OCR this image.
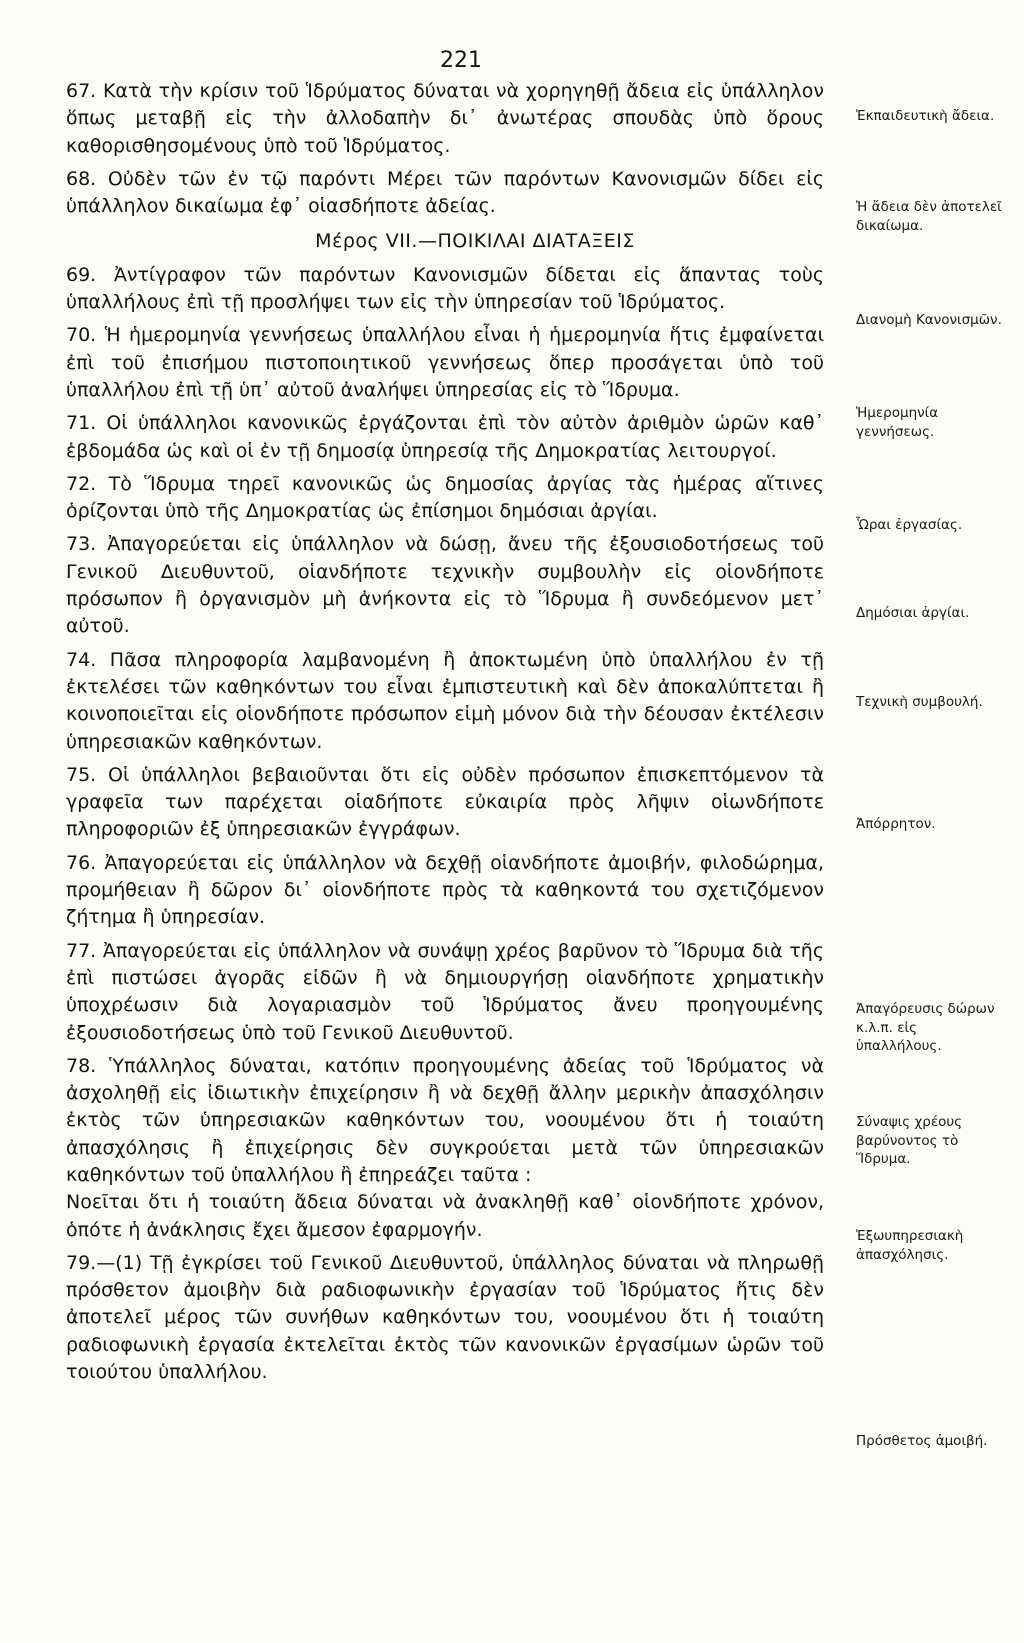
221

67. Κατὰ τὴν κρίσιν τοῦ Ἱδρύματος δύναται νὰ χορηγηθῇ ἄδεια εἰς ὑπάλληλον ὅπως μεταβῇ εἰς τὴν ἀλλοδαπὴν δι᾽ ἀνωτέρας σπουδὰς ὑπὸ ὅρους καθορισθησομένους ὑπὸ τοῦ Ἱδρύματος.

68. Οὐδὲν τῶν ἐν τῷ παρόντι Μέρει τῶν παρόντων Κανονισμῶν δίδει εἰς ὑπάλληλον δικαίωμα ἐφ᾽ οἱασδήποτε ἀδείας.

Μέρος VII.—ΠΟΙΚΙΛΑΙ ΔΙΑΤΑΞΕΙΣ

69. Ἀντίγραφον τῶν παρόντων Κανονισμῶν δίδεται εἰς ἅπαντας τοὺς ὑπαλλήλους ἐπὶ τῇ προσλήψει των εἰς τὴν ὑπηρεσίαν τοῦ Ἱδρύματος.

70. Ἡ ἡμερομηνία γεννήσεως ὑπαλλήλου εἶναι ἡ ἡμερομηνία ἥτις ἐμφαίνεται ἐπὶ τοῦ ἐπισήμου πιστοποιητικοῦ γεννήσεως ὅπερ προσάγεται ὑπὸ τοῦ ὑπαλλήλου ἐπὶ τῇ ὑπ᾽ αὐτοῦ ἀναλήψει ὑπηρεσίας εἰς τὸ Ἵδρυμα.

71. Οἱ ὑπάλληλοι κανονικῶς ἐργάζονται ἐπὶ τὸν αὐτὸν ἀριθμὸν ὡρῶν καθ᾽ ἑβδομάδα ὡς καὶ οἱ ἐν τῇ δημοσίᾳ ὑπηρεσίᾳ τῆς Δημοκρατίας λειτουργοί.

72. Τὸ Ἵδρυμα τηρεῖ κανονικῶς ὡς δημοσίας ἀργίας τὰς ἡμέρας αἵτινες ὁρίζονται ὑπὸ τῆς Δημοκρατίας ὡς ἐπίσημοι δημόσιαι ἀργίαι.

73. Ἀπαγορεύεται εἰς ὑπάλληλον νὰ δώσῃ, ἄνευ τῆς ἐξουσιοδοτήσεως τοῦ Γενικοῦ Διευθυντοῦ, οἱανδήποτε τεχνικὴν συμβουλὴν εἰς οἱονδήποτε πρόσωπον ἢ ὀργανισμὸν μὴ ἀνήκοντα εἰς τὸ Ἵδρυμα ἢ συνδεόμενον μετ᾽ αὐτοῦ.

74. Πᾶσα πληροφορία λαμβανομένη ἢ ἀποκτωμένη ὑπὸ ὑπαλλήλου ἐν τῇ ἐκτελέσει τῶν καθηκόντων του εἶναι ἐμπιστευτικὴ καὶ δὲν ἀποκαλύπτεται ἢ κοινοποιεῖται εἰς οἱονδήποτε πρόσωπον εἰμὴ μόνον διὰ τὴν δέουσαν ἐκτέλεσιν ὑπηρεσιακῶν καθηκόντων.

75. Οἱ ὑπάλληλοι βεβαιοῦνται ὅτι εἰς οὐδὲν πρόσωπον ἐπισκεπτόμενον τὰ γραφεῖα των παρέχεται οἱαδήποτε εὐκαιρία πρὸς λῆψιν οἱωνδήποτε πληροφοριῶν ἐξ ὑπηρεσιακῶν ἐγγράφων.

76. Ἀπαγορεύεται εἰς ὑπάλληλον νὰ δεχθῇ οἱανδήποτε ἀμοιβήν, φιλοδώρημα, προμήθειαν ἢ δῶρον δι᾽ οἱονδήποτε πρὸς τὰ καθηκοντά του σχετιζόμενον ζήτημα ἢ ὑπηρεσίαν.

77. Ἀπαγορεύεται εἰς ὑπάλληλον νὰ συνάψῃ χρέος βαρῦνον τὸ Ἵδρυμα διὰ τῆς ἐπὶ πιστώσει ἀγορᾶς εἰδῶν ἢ νὰ δημιουργήσῃ οἱανδήποτε χρηματικὴν ὑποχρέωσιν διὰ λογαριασμὸν τοῦ Ἱδρύματος ἄνευ προηγουμένης ἐξουσιοδοτήσεως ὑπὸ τοῦ Γενικοῦ Διευθυντοῦ.

78. Ὑπάλληλος δύναται, κατόπιν προηγουμένης ἀδείας τοῦ Ἱδρύματος νὰ ἀσχοληθῇ εἰς ἰδιωτικὴν ἐπιχείρησιν ἢ νὰ δεχθῇ ἄλλην μερικὴν ἀπασχόλησιν ἐκτὸς τῶν ὑπηρεσιακῶν καθηκόντων του, νοουμένου ὅτι ἡ τοιαύτη ἀπασχόλησις ἢ ἐπιχείρησις δὲν συγκρούεται μετὰ τῶν ὑπηρεσιακῶν καθηκόντων τοῦ ὑπαλλήλου ἢ ἐπηρεάζει ταῦτα :

Νοεῖται ὅτι ἡ τοιαύτη ἄδεια δύναται νὰ ἀνακληθῇ καθ᾽ οἱονδήποτε χρόνον, ὁπότε ἡ ἀνάκλησις ἔχει ἄμεσον ἐφαρμογήν.

79.—(1) Τῇ ἐγκρίσει τοῦ Γενικοῦ Διευθυντοῦ, ὑπάλληλος δύναται νὰ πληρωθῇ πρόσθετον ἀμοιβὴν διὰ ραδιοφωνικὴν ἐργασίαν τοῦ Ἱδρύματος ἥτις δὲν ἀποτελεῖ μέρος τῶν συνήθων καθηκόντων του, νοουμένου ὅτι ἡ τοιαύτη ραδιοφωνικὴ ἐργασία ἐκτελεῖται ἐκτὸς τῶν κανονικῶν ἐργασίμων ὡρῶν τοῦ τοιούτου ὑπαλλήλου.

Ἐκπαιδευτικὴ ἄδεια.
Ἡ ἄδεια δὲν ἀποτελεῖ δικαίωμα.
Διανομὴ Κανονισμῶν.
Ἡμερομηνία γεννήσεως.
Ὧραι ἐργασίας.
Δημόσιαι ἀργίαι.
Τεχνικὴ συμβουλή.
Ἀπόρρητον.
Ἀπαγόρευσις δώρων κ.λ.π. εἰς ὑπαλλήλους.
Σύναψις χρέους βαρύνοντος τὸ Ἵδρυμα.
Ἐξωυπηρεσιακὴ ἀπασχόλησις.
Πρόσθετος ἀμοιβή.
